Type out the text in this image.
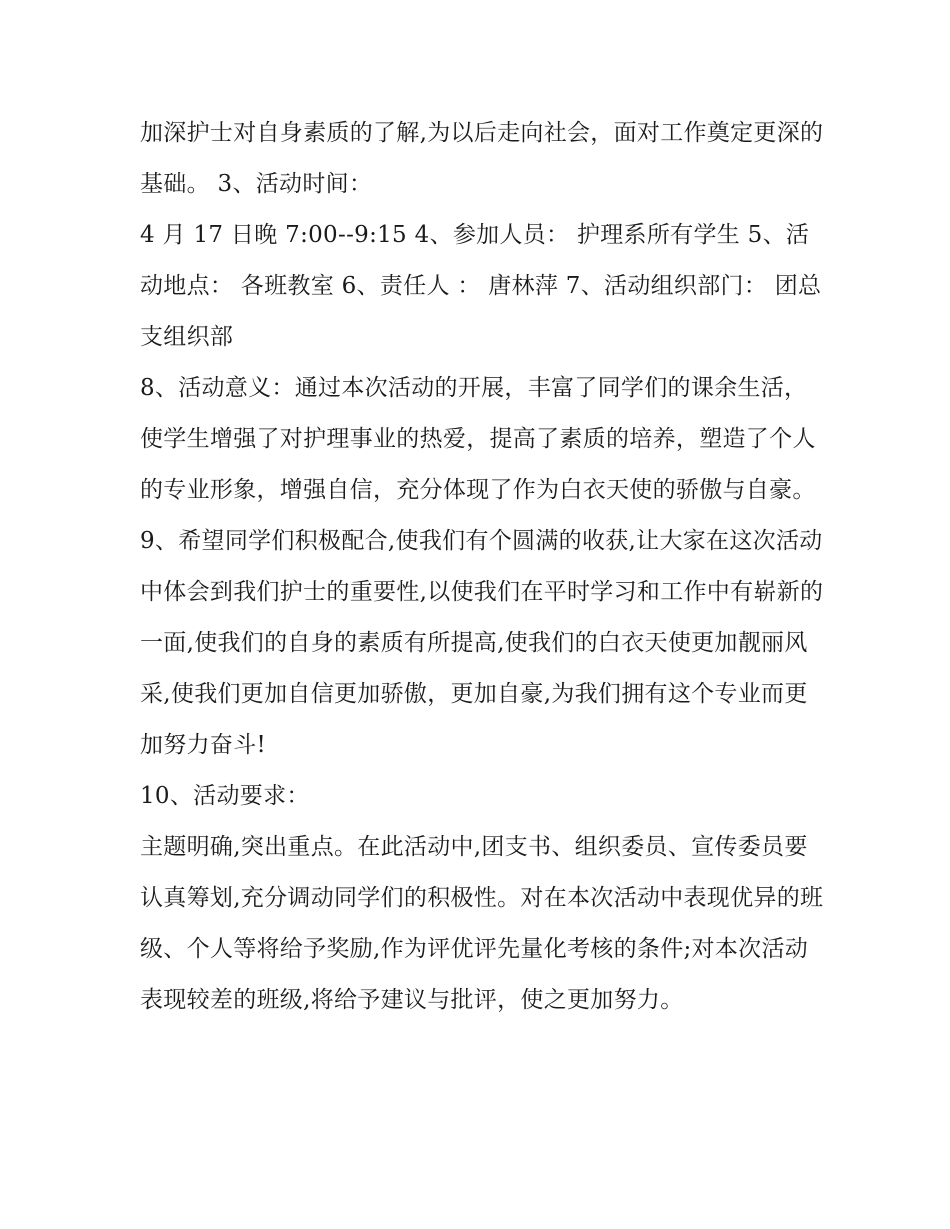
加深护士对自身素质的了解,为以后走向社会，面对工作奠定更深的基础。 3、活动时间：

4 月 17 日晚 7:00--9:15 4、参加人员： 护理系所有学生 5、活动地点： 各班教室 6、责任人 ： 唐林萍 7、活动组织部门： 团总支组织部

8、活动意义：通过本次活动的开展，丰富了同学们的课余生活，使学生增强了对护理事业的热爱，提高了素质的培养，塑造了个人的专业形象，增强自信，充分体现了作为白衣天使的骄傲与自豪。

9、希望同学们积极配合,使我们有个圆满的收获,让大家在这次活动中体会到我们护士的重要性,以使我们在平时学习和工作中有崭新的一面,使我们的自身的素质有所提高,使我们的白衣天使更加靓丽风采,使我们更加自信更加骄傲，更加自豪,为我们拥有这个专业而更加努力奋斗!

10、活动要求：

主题明确,突出重点。在此活动中,团支书、组织委员、宣传委员要认真筹划,充分调动同学们的积极性。对在本次活动中表现优异的班级、个人等将给予奖励,作为评优评先量化考核的条件;对本次活动表现较差的班级,将给予建议与批评，使之更加努力。
